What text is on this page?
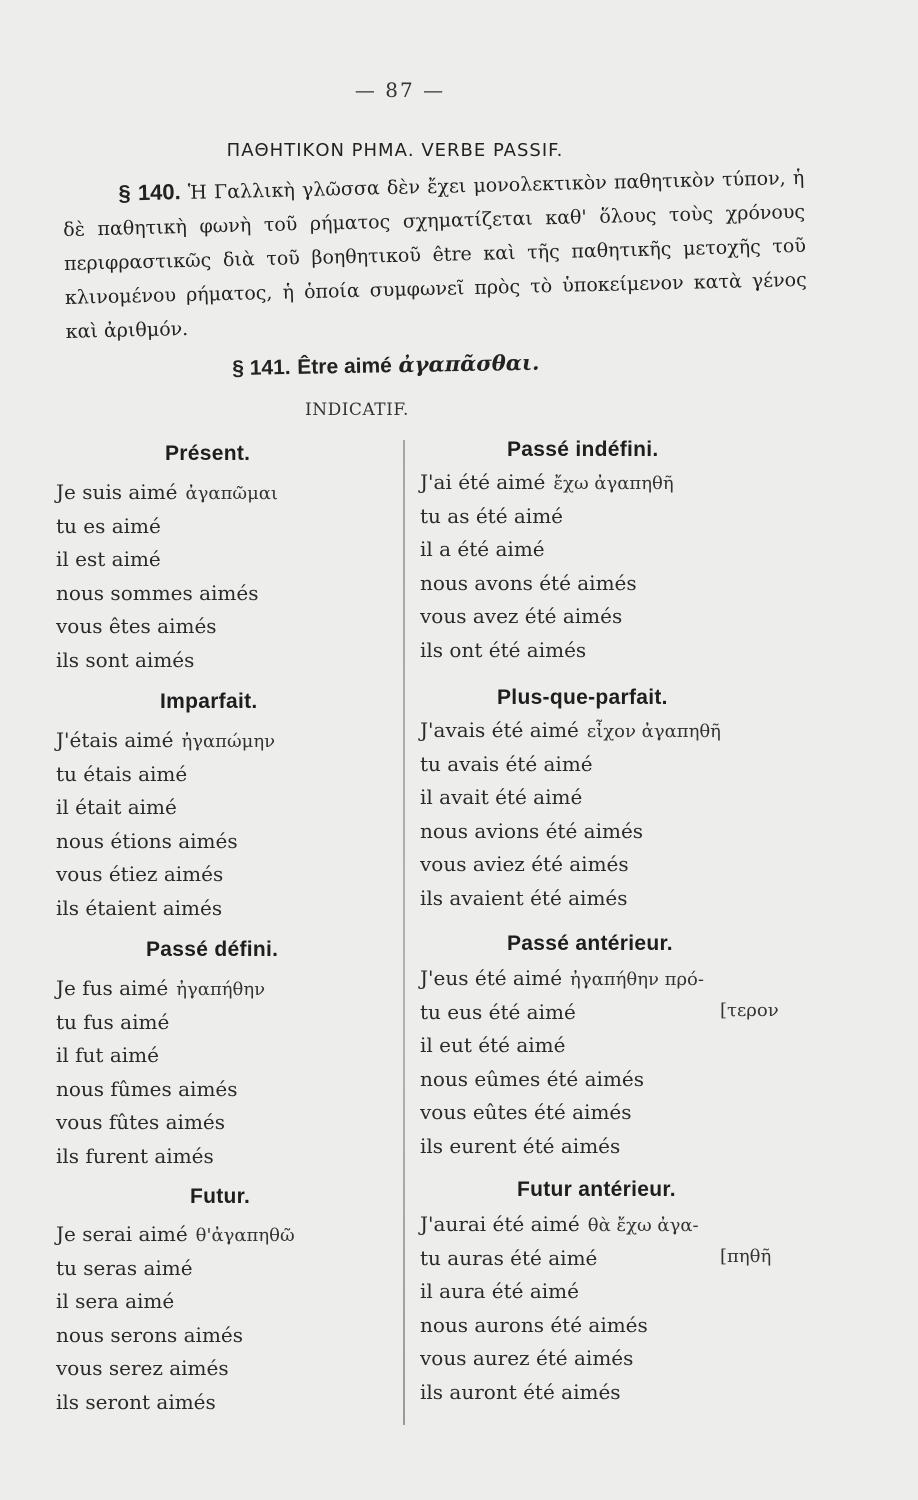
— 87 —
ΠΑΘΗΤΙΚΟΝ ΡΗΜΑ. VERBE PASSIF.
§ 140. Ἡ Γαλλικὴ γλῶσσα δὲν ἔχει μονολεκτικὸν παθητικὸν τύπον, ἡ δὲ παθητικὴ φωνὴ τοῦ ρήματος σχηματίζεται καθ' ὅλους τοὺς χρόνους περιφραστικῶς διὰ τοῦ βοηθητικοῦ être καὶ τῆς παθητικῆς μετοχῆς τοῦ κλινομένου ρήματος, ἡ ὁποία συμφωνεῖ πρὸς τὸ ὑποκείμενον κατὰ γένος καὶ ἀριθμόν.
§ 141. Être aimé ἀγαπᾶσθαι.
INDICATIF.
Présent.
Je suis aimé ἀγαπῶμαι
tu es aimé
il est aimé
nous sommes aimés
vous êtes aimés
ils sont aimés
Imparfait.
J'étais aimé ἠγαπώμην
tu étais aimé
il était aimé
nous étions aimés
vous étiez aimés
ils étaient aimés
Passé défini.
Je fus aimé ἠγαπήθην
tu fus aimé
il fut aimé
nous fûmes aimés
vous fûtes aimés
ils furent aimés
Futur.
Je serai aimé θ'ἀγαπηθῶ
tu seras aimé
il sera aimé
nous serons aimés
vous serez aimés
ils seront aimés
Passé indéfini.
J'ai été aimé ἔχω ἀγαπηθῆ
tu as été aimé
il a été aimé
nous avons été aimés
vous avez été aimés
ils ont été aimés
Plus-que-parfait.
J'avais été aimé εἶχον ἀγαπηθῆ
tu avais été aimé
il avait été aimé
nous avions été aimés
vous aviez été aimés
ils avaient été aimés
Passé antérieur.
J'eus été aimé ἠγαπήθην πρό-
tu eus été aimé	[τερον
il eut été aimé
nous eûmes été aimés
vous eûtes été aimés
ils eurent été aimés
Futur antérieur.
J'aurai été aimé θὰ ἔχω ἀγα-
tu auras été aimé	[πηθῆ
il aura été aimé
nous aurons été aimés
vous aurez été aimés
ils auront été aimés
